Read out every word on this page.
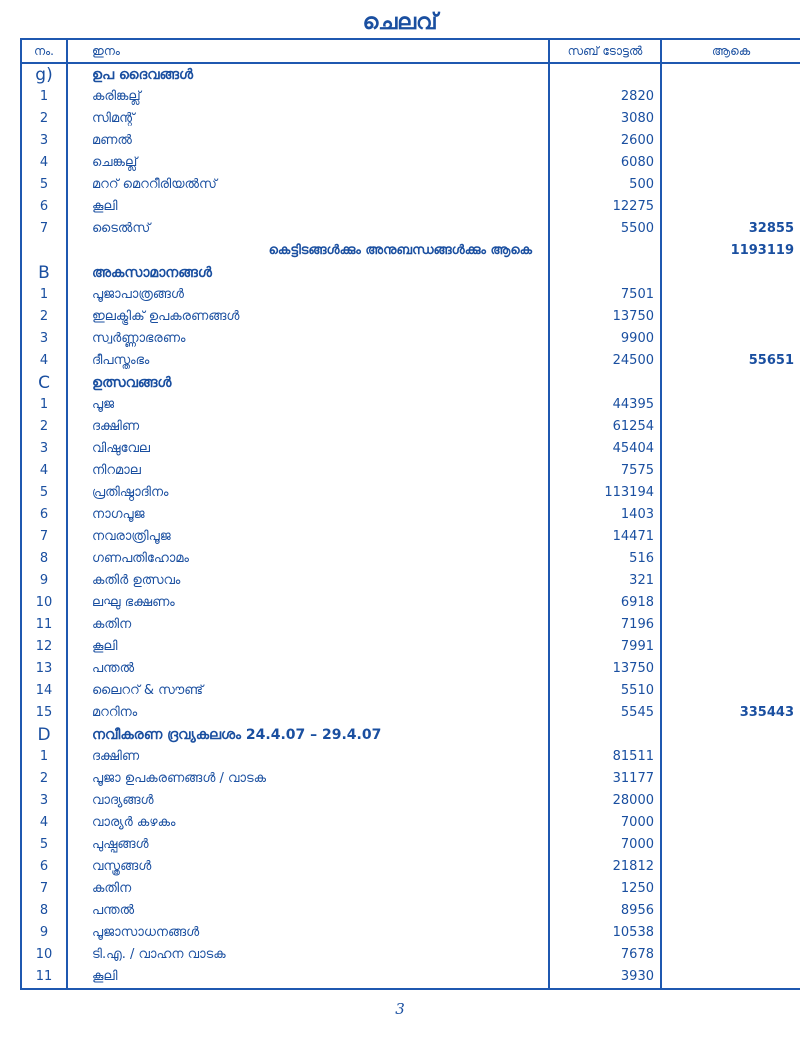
ചെലവ്
നം.	ഇനം	സബ് ടോട്ടൽ	ആകെ
g)	ഉപ ദൈവങ്ങൾ		
1	കരിങ്കല്ല്	2820	
2	സിമന്റ്	3080	
3	മണൽ	2600	
4	ചെങ്കല്ല്	6080	
5	മററ് മെററീരിയൽസ്	500	
6	കൂലി	12275	
7	ടൈൽസ്	5500	32855
	കെട്ടിടങ്ങൾക്കും അനുബന്ധങ്ങൾക്കും ആകെ		1193119
B	അകസാമാനങ്ങൾ		
1	പൂജാപാത്രങ്ങൾ	7501	
2	ഇലക്ട്രിക് ഉപകരണങ്ങൾ	13750	
3	സ്വർണ്ണാഭരണം	9900	
4	ദീപസ്തംഭം	24500	55651
C	ഉത്സവങ്ങൾ		
1	പൂജ	44395	
2	ദക്ഷിണ	61254	
3	വിഷുവേല	45404	
4	നിറമാല	7575	
5	പ്രതിഷ്ഠാദിനം	113194	
6	നാഗപൂജ	1403	
7	നവരാത്രിപൂജ	14471	
8	ഗണപതിഹോമം	516	
9	കതിർ ഉത്സവം	321	
10	ലഘു ഭക്ഷണം	6918	
11	കതിന	7196	
12	കൂലി	7991	
13	പന്തൽ	13750	
14	ലൈററ് & സൗണ്ട്	5510	
15	മററിനം	5545	335443
D	നവീകരണ ദ്രവ്യകലശം 24.4.07 – 29.4.07		
1	ദക്ഷിണ	81511	
2	പൂജാ ഉപകരണങ്ങൾ / വാടക	31177	
3	വാദ്യങ്ങൾ	28000	
4	വാര്യർ കഴകം	7000	
5	പുഷ്പങ്ങൾ	7000	
6	വസ്ത്രങ്ങൾ	21812	
7	കതിന	1250	
8	പന്തൽ	8956	
9	പൂജാസാധനങ്ങൾ	10538	
10	ടി.എ. / വാഹന വാടക	7678	
11	കൂലി	3930	
3
